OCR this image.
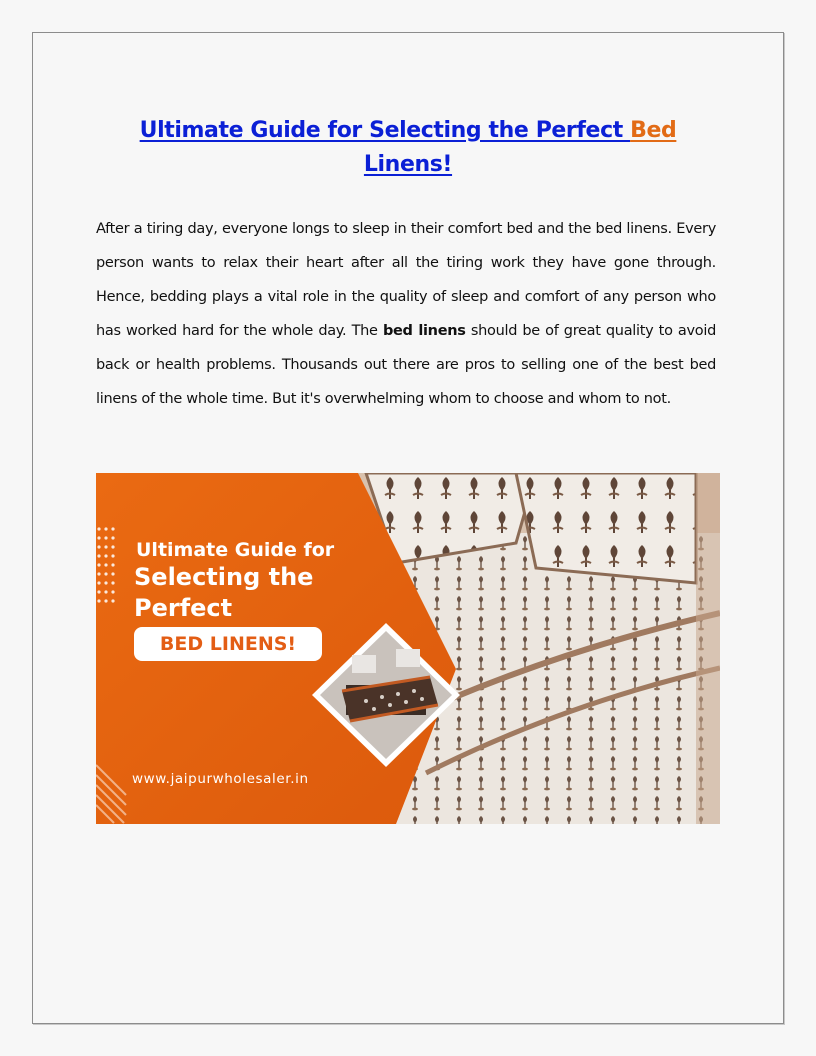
Ultimate Guide for Selecting the Perfect Bed
Linens!

After a tiring day, everyone longs to sleep in their comfort bed and the bed linens. Every person wants to relax their heart after all the tiring work they have gone through. Hence, bedding plays a vital role in the quality of sleep and comfort of any person who has worked hard for the whole day. The bed linens should be of great quality to avoid back or health problems. Thousands out there are pros to selling one of the best bed linens of the whole time. But it's overwhelming whom to choose and whom to not.

Ultimate Guide for
Selecting the
Perfect
BED LINENS!
www.jaipurwholesaler.in
